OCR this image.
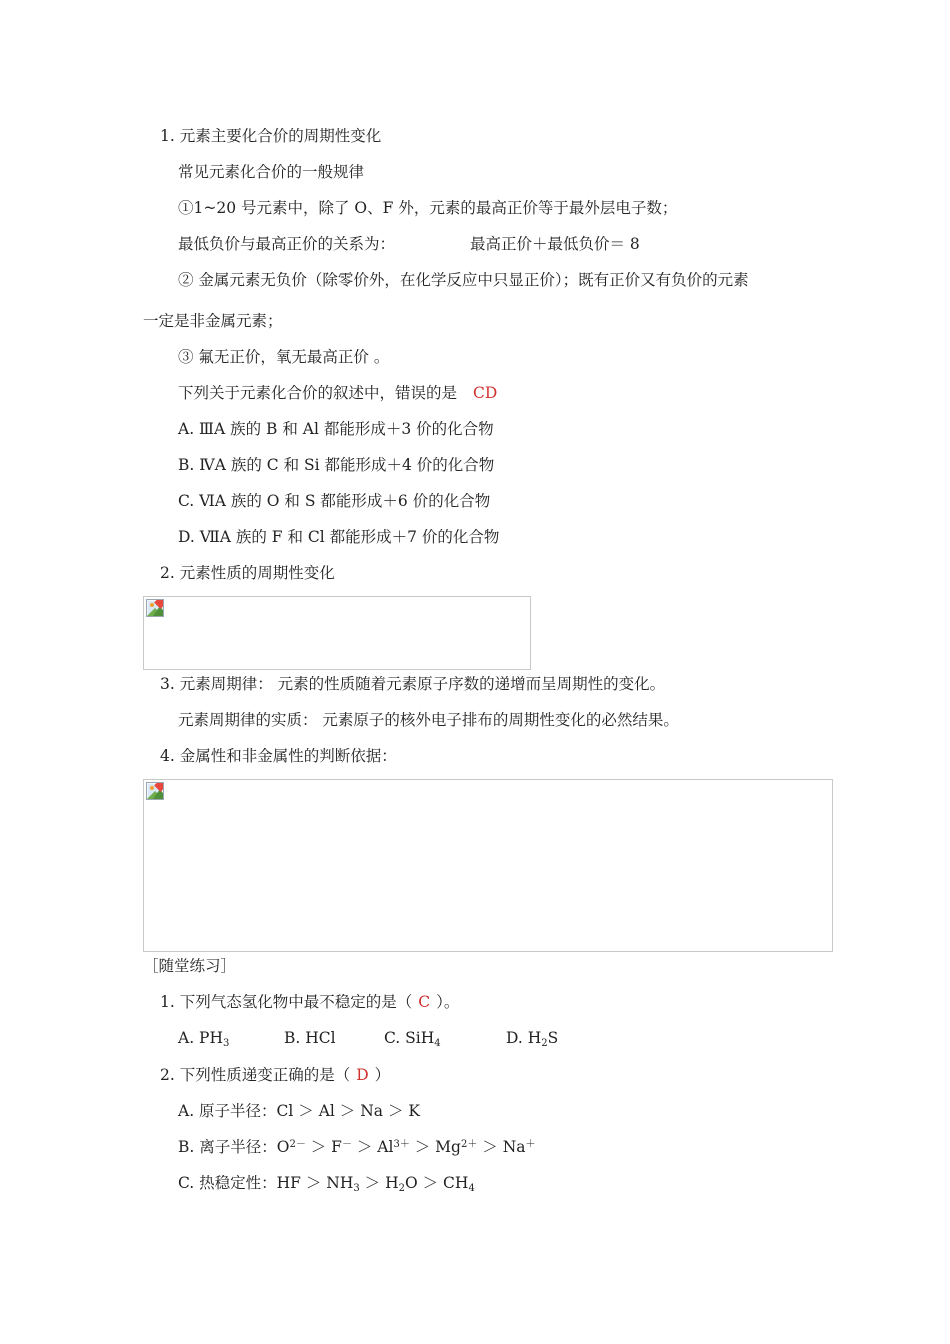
1. 元素主要化合价的周期性变化
常见元素化合价的一般规律
①1~20 号元素中，除了 O、F 外，元素的最高正价等于最外层电子数；
最低负价与最高正价的关系为：	最高正价＋最低负价＝ 8
② 金属元素无负价（除零价外，在化学反应中只显正价）；既有正价又有负价的元素
一定是非金属元素；
③ 氟无正价，氧无最高正价 。
下列关于元素化合价的叙述中，错误的是 CD
A. ⅢA 族的 B 和 Al 都能形成＋3 价的化合物
B. ⅣA 族的 C 和 Si 都能形成＋4 价的化合物
C. ⅥA 族的 O 和 S 都能形成＋6 价的化合物
D. ⅦA 族的 F 和 Cl 都能形成＋7 价的化合物
2. 元素性质的周期性变化
3. 元素周期律： 元素的性质随着元素原子序数的递增而呈周期性的变化。
元素周期律的实质： 元素原子的核外电子排布的周期性变化的必然结果。
4. 金属性和非金属性的判断依据：
［随堂练习］
1. 下列气态氢化物中最不稳定的是（ C ）。
A. $PH_3$	B. HCl	C. SiH$_4$	D. $H_2S$
2. 下列性质递变正确的是（ D ）
A. 原子半径：Cl ＞ Al ＞ Na ＞ K
B. 离子半径：$O^{2-} > F^- > Al^{3+} > Mg^{2+} > Na^+$
C. 热稳定性：HF ＞ $NH_3 > H_2O > CH_4$
